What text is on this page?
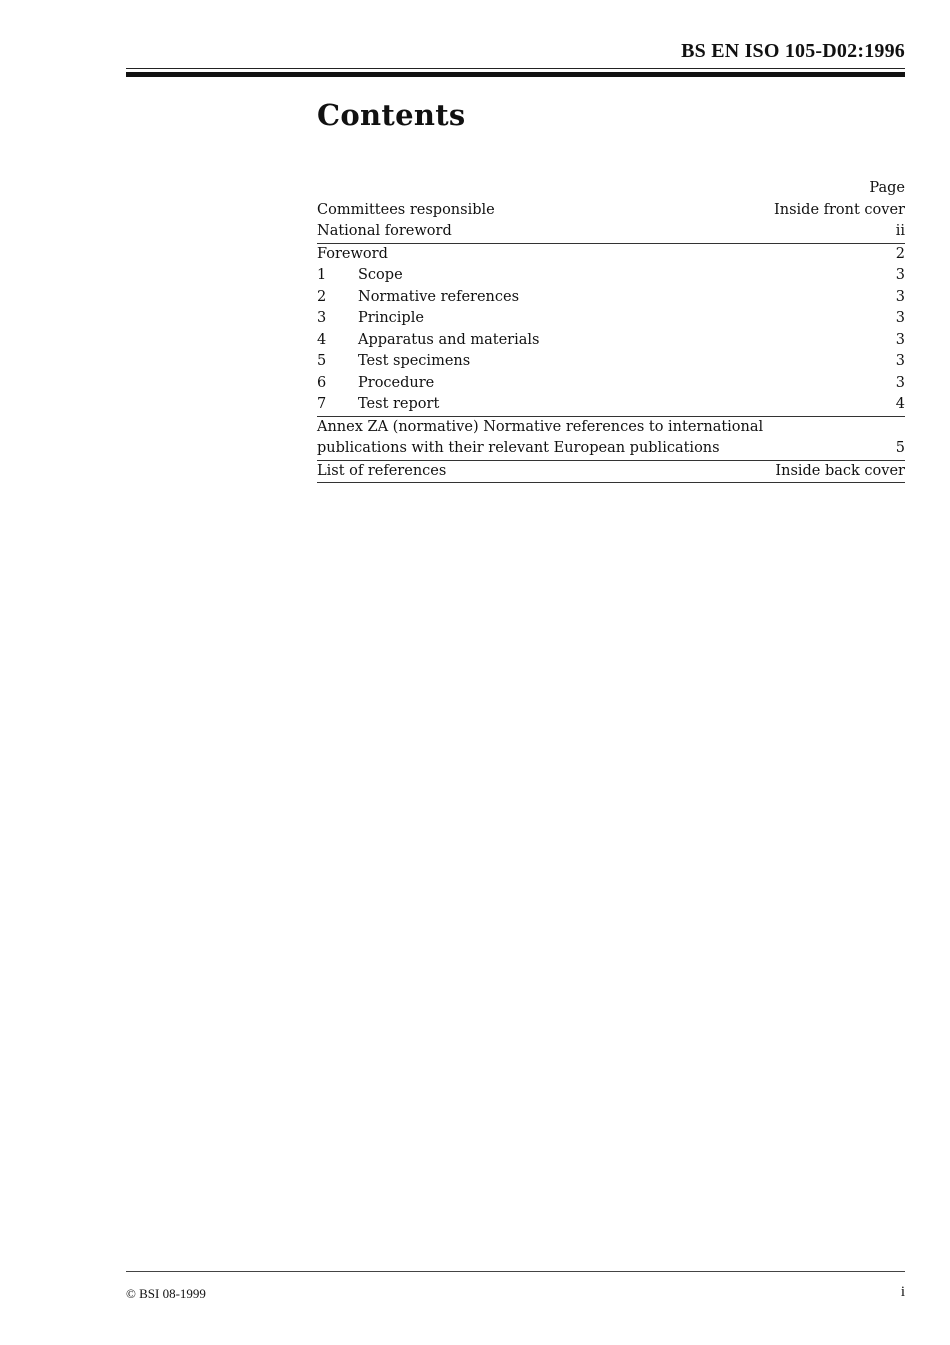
BS EN ISO 105-D02:1996
Contents
Page
Committees responsible	Inside front cover
National foreword	ii
Foreword	2
1	Scope	3
2	Normative references	3
3	Principle	3
4	Apparatus and materials	3
5	Test specimens	3
6	Procedure	3
7	Test report	4
Annex ZA (normative) Normative references to international
publications with their relevant European publications	5
List of references	Inside back cover
© BSI 08-1999	i
